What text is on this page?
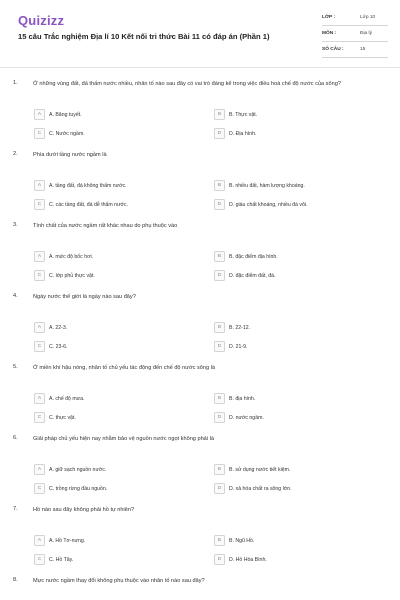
Quizizz
15 câu Trắc nghiệm Địa lí 10 Kết nối tri thức Bài 11 có đáp án (Phần 1)
LỚP :	Lớp 10
MÔN :	Địa lý
SỐ CÂU :	15
1.	Ở những vùng đất, đá thấm nước nhiều, nhân tố nào sau đây có vai trò đáng kể trong việc điều hoà chế độ nước của sông?
A	A. Băng tuyết.	B	B. Thực vật.
C	C. Nước ngầm.	D	D. Địa hình.
2.	Phía dưới tầng nước ngầm là
A	A. tầng đất, đá không thấm nước.	B	B. nhiều đất, hàm lượng khoáng.
C	C. các tầng đất, đá dễ thấm nước.	D	D. giàu chất khoáng, nhiều đá vôi.
3.	Tính chất của nước ngầm rất khác nhau do phụ thuộc vào
A	A. mức độ bốc hơi.	B	B. đặc điểm địa hình.
C	C. lớp phủ thực vật.	D	D. đặc điểm đất, đá.
4.	Ngày nước thế giới là ngày nào sau đây?
A	A. 22-3.	B	B. 22-12.
C	C. 23-6.	D	D. 21-9.
5.	Ở miền khí hậu nóng, nhân tố chủ yếu tác động đến chế độ nước sông là
A	A. chế độ mưa.	B	B. địa hình.
C	C. thực vật.	D	D. nước ngầm.
6.	Giải pháp chủ yếu hiện nay nhằm bảo vệ nguồn nước ngọt không phải là
A	A. giữ sạch nguồn nước.	B	B. sử dụng nước tiết kiệm.
C	C. trồng rừng đầu nguồn.	D	D. xả hóa chất ra sông lớn.
7.	Hồ nào sau đây không phải hồ tự nhiên?
A	A. Hồ Tơ-nưng.	B	B. Ngũ Hồ.
C	C. Hồ Tây.	D	D. Hồ Hòa Bình.
8.	Mực nước ngầm thay đổi không phụ thuộc vào nhân tố nào sau đây?
